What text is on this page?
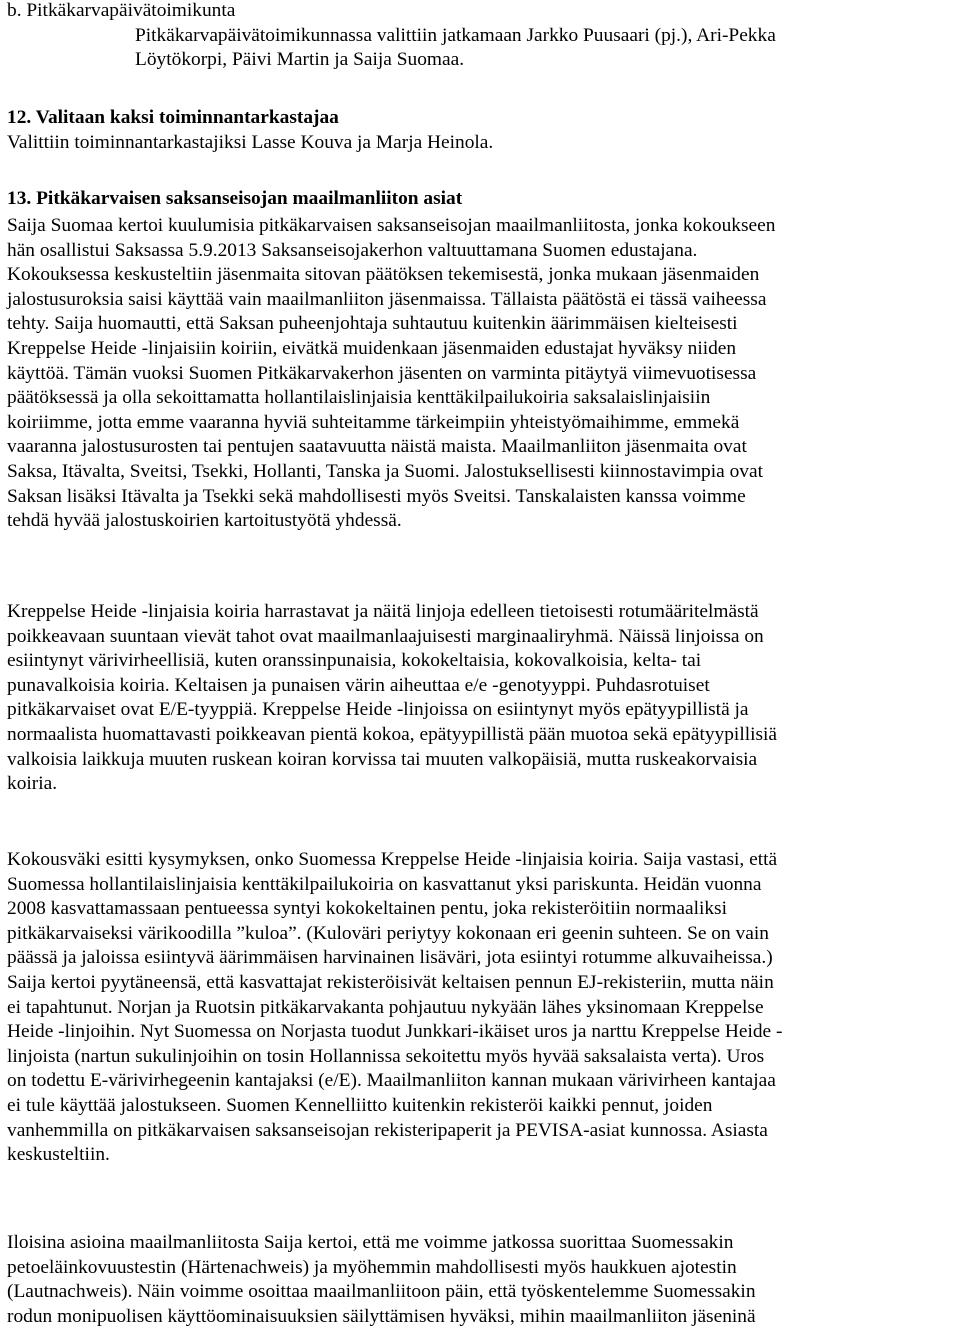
b. Pitkäkarvapäivätoimikunta
Pitkäkarvapäivätoimikunnassa valittiin jatkamaan Jarkko Puusaari (pj.), Ari-Pekka
Löytökorpi, Päivi Martin ja Saija Suomaa.
12. Valitaan kaksi toiminnantarkastajaa
Valittiin toiminnantarkastajiksi Lasse Kouva ja Marja Heinola.
13. Pitkäkarvaisen saksanseisojan maailmanliiton asiat
Saija Suomaa kertoi kuulumisia pitkäkarvaisen saksanseisojan maailmanliitosta, jonka kokoukseen
hän osallistui Saksassa 5.9.2013 Saksanseisojakerhon valtuuttamana Suomen edustajana.
Kokouksessa keskusteltiin jäsenmaita sitovan päätöksen tekemisestä, jonka mukaan jäsenmaiden
jalostusuroksia saisi käyttää vain maailmanliiton jäsenmaissa. Tällaista päätöstä ei tässä vaiheessa
tehty. Saija huomautti, että Saksan puheenjohtaja suhtautuu kuitenkin äärimmäisen kielteisesti
Kreppelse Heide -linjaisiin koiriin, eivätkä muidenkaan jäsenmaiden edustajat hyväksy niiden
käyttöä. Tämän vuoksi Suomen Pitkäkarvakerhon jäsenten on varminta pitäytyä viimevuotisessa
päätöksessä ja olla sekoittamatta hollantilaislinjaisia kenttäkilpailukoiria saksalaislinjaisiin
koiriimme, jotta emme vaaranna hyviä suhteitamme tärkeimpiin yhteistyömaihimme, emmekä
vaaranna jalostusurosten tai pentujen saatavuutta näistä maista. Maailmanliiton jäsenmaita ovat
Saksa, Itävalta, Sveitsi, Tsekki, Hollanti, Tanska ja Suomi. Jalostuksellisesti kiinnostavimpia ovat
Saksan lisäksi Itävalta ja Tsekki sekä mahdollisesti myös Sveitsi. Tanskalaisten kanssa voimme
tehdä hyvää jalostuskoirien kartoitustyötä yhdessä.
Kreppelse Heide -linjaisia koiria harrastavat ja näitä linjoja edelleen tietoisesti rotumääritelmästä
poikkeavaan suuntaan vievät tahot ovat maailmanlaajuisesti marginaaliryhmä. Näissä linjoissa on
esiintynyt värivirheellisiä, kuten oranssinpunaisia, kokokeltaisia, kokovalkoisia, kelta- tai
punavalkoisia koiria. Keltaisen ja punaisen värin aiheuttaa e/e -genotyyppi. Puhdasrotuiset
pitkäkarvaiset ovat E/E-tyyppiä. Kreppelse Heide -linjoissa on esiintynyt myös epätyypillistä ja
normaalista huomattavasti poikkeavan pientä kokoa, epätyypillistä pään muotoa sekä epätyypillisiä
valkoisia laikkuja muuten ruskean koiran korvissa tai muuten valkopäisiä, mutta ruskeakorvaisia
koiria.
Kokousväki esitti kysymyksen, onko Suomessa Kreppelse Heide -linjaisia koiria. Saija vastasi, että
Suomessa hollantilaislinjaisia kenttäkilpailukoiria on kasvattanut yksi pariskunta. Heidän vuonna
2008 kasvattamassaan pentueessa syntyi kokokeltainen pentu, joka rekisteröitiin normaaliksi
pitkäkarvaiseksi värikoodilla ”kuloa”. (Kuloväri periytyy kokonaan eri geenin suhteen. Se on vain
päässä ja jaloissa esiintyvä äärimmäisen harvinainen lisäväri, jota esiintyi rotumme alkuvaiheissa.)
Saija kertoi pyytäneensä, että kasvattajat rekisteröisivät keltaisen pennun EJ-rekisteriin, mutta näin
ei tapahtunut. Norjan ja Ruotsin pitkäkarvakanta pohjautuu nykyään lähes yksinomaan Kreppelse
Heide -linjoihin. Nyt Suomessa on Norjasta tuodut Junkkari-ikäiset uros ja narttu Kreppelse Heide -
linjoista (nartun sukulinjoihin on tosin Hollannissa sekoitettu myös hyvää saksalaista verta). Uros
on todettu E-värivirhegeenin kantajaksi (e/E). Maailmanliiton kannan mukaan värivirheen kantajaa
ei tule käyttää jalostukseen. Suomen Kennelliitto kuitenkin rekisteröi kaikki pennut, joiden
vanhemmilla on pitkäkarvaisen saksanseisojan rekisteripaperit ja PEVISA-asiat kunnossa. Asiasta
keskusteltiin.
Iloisina asioina maailmanliitosta Saija kertoi, että me voimme jatkossa suorittaa Suomessakin
petoeläinkovuustestin (Härtenachweis) ja myöhemmin mahdollisesti myös haukkuen ajotestin
(Lautnachweis). Näin voimme osoittaa maailmanliitoon päin, että työskentelemme Suomessakin
rodun monipuolisen käyttöominaisuuksien säilyttämisen hyväksi, mihin maailmanliiton jäseninä
